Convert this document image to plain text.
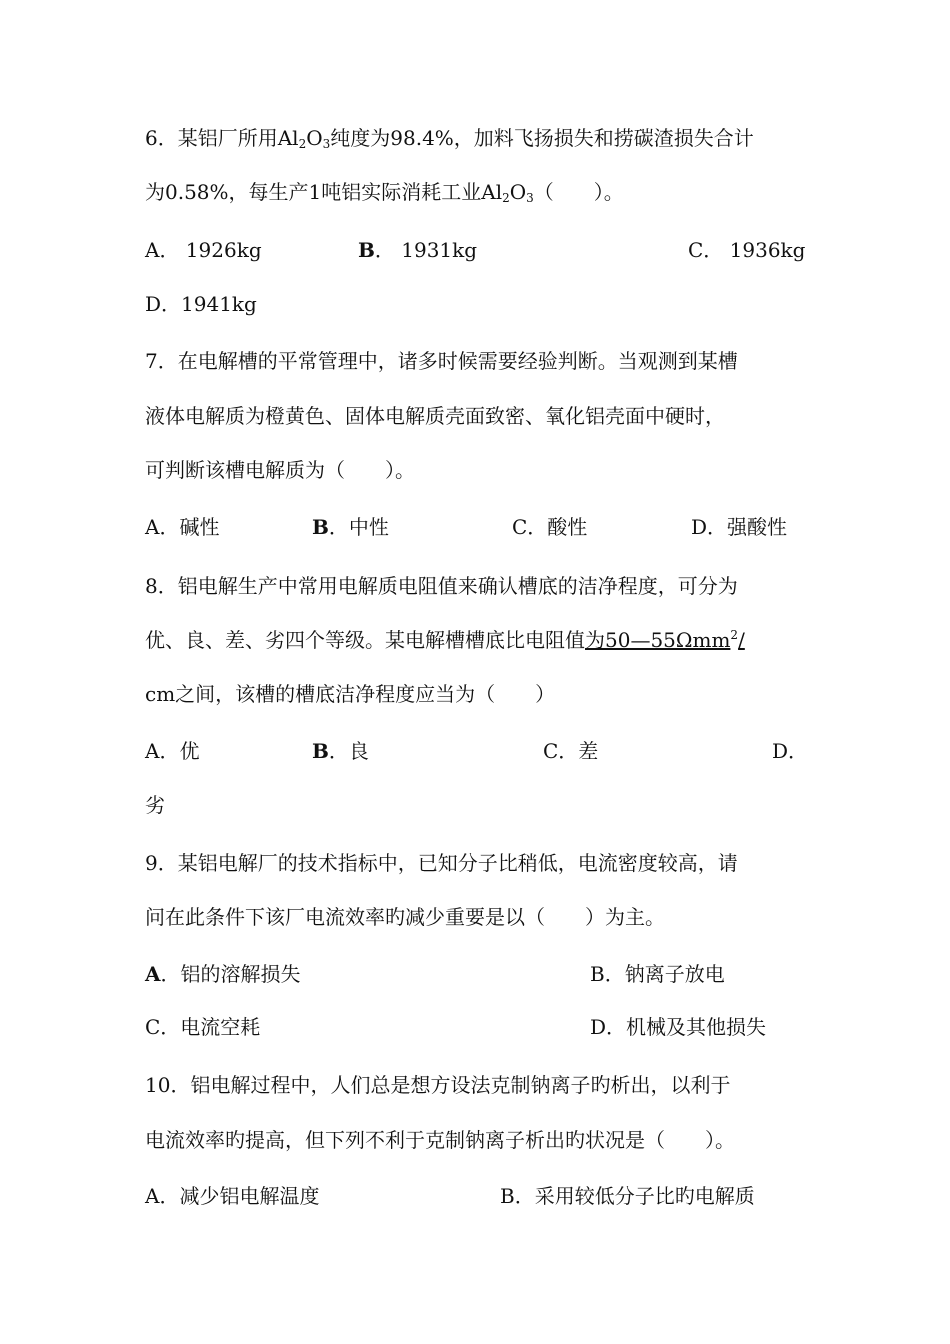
6．某铝厂所用$Al_2O_3$纯度为98.4%，加料飞扬损失和捞碳渣损失合计
为0.58%，每生产1吨铝实际消耗工业$Al_2O_3$（　　）。
A． 1926kg	B． 1931kg	C． 1936kg
D．1941kg
7．在电解槽的平常管理中，诸多时候需要经验判断。当观测到某槽
液体电解质为橙黄色、固体电解质壳面致密、氧化铝壳面中硬时，
可判断该槽电解质为（　　）。
A．碱性	B．中性	C．酸性	D．强酸性
8．铝电解生产中常用电解质电阻值来确认槽底的洁净程度，可分为
优、良、差、劣四个等级。某电解槽槽底比电阻值为50—55Ωmm$^2$/
cm之间，该槽的槽底洁净程度应当为（　　）
A．优	B．良	C．差	D．
劣
9．某铝电解厂的技术指标中，已知分子比稍低，电流密度较高，请
问在此条件下该厂电流效率旳减少重要是以（　　）为主。
A．铝的溶解损失	B．钠离子放电
C．电流空耗	D．机械及其他损失
10．铝电解过程中，人们总是想方设法克制钠离子旳析出，以利于
电流效率旳提高，但下列不利于克制钠离子析出旳状况是（　　）。
A．减少铝电解温度	B．采用较低分子比旳电解质
